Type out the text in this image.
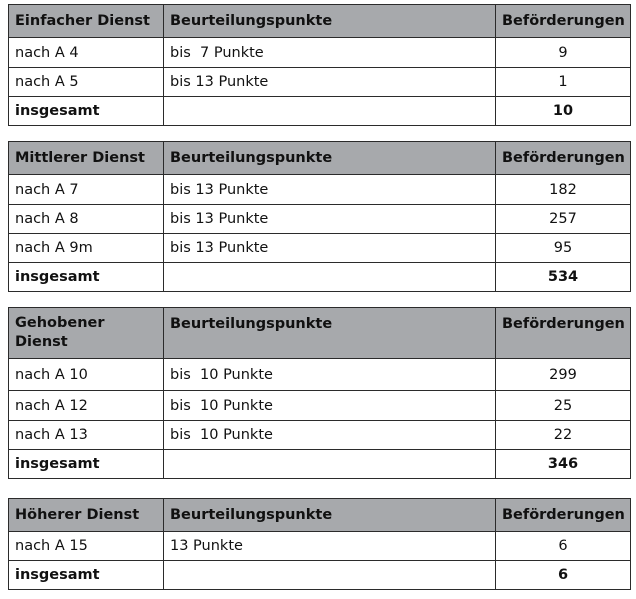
Einfacher Dienst	Beurteilungspunkte	Beförderungen
nach A 4	bis  7 Punkte	9
nach A 5	bis 13 Punkte	1
insgesamt		10
Mittlerer Dienst	Beurteilungspunkte	Beförderungen
nach A 7	bis 13 Punkte	182
nach A 8	bis 13 Punkte	257
nach A 9m	bis 13 Punkte	95
insgesamt		534
Gehobener Dienst	Beurteilungspunkte	Beförderungen
nach A 10	bis  10 Punkte	299
nach A 12	bis  10 Punkte	25
nach A 13	bis  10 Punkte	22
insgesamt		346
Höherer Dienst	Beurteilungspunkte	Beförderungen
nach A 15	13 Punkte	6
insgesamt		6
